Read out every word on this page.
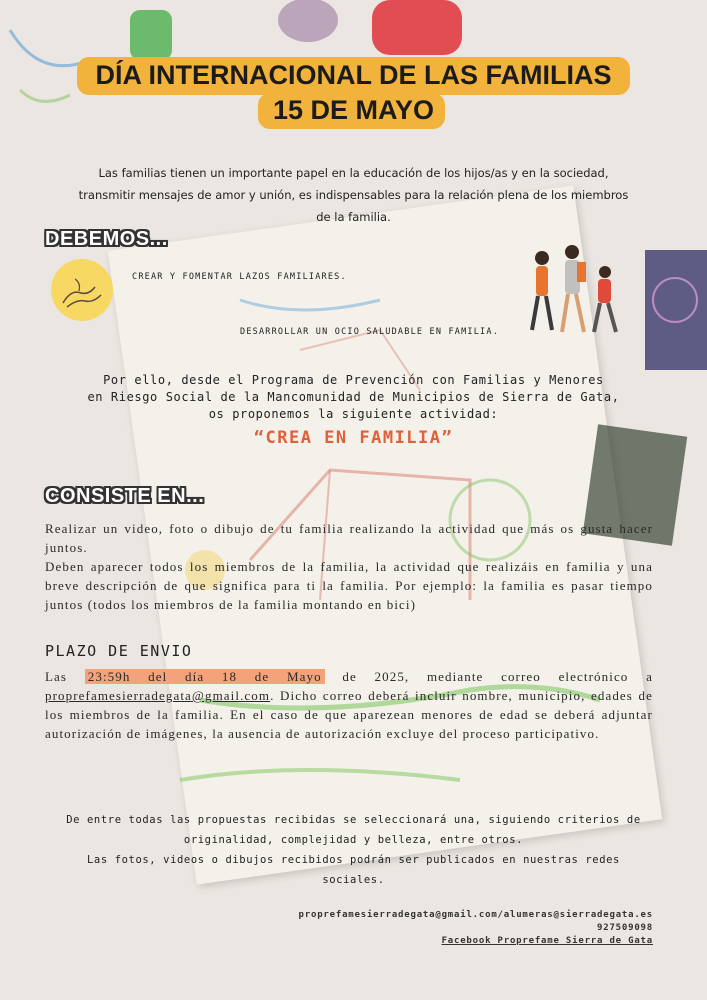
DÍA INTERNACIONAL DE LAS FAMILIAS
15 DE MAYO
Las familias tienen un importante papel en la educación de los hijos/as y en la sociedad,
transmitir mensajes de amor y unión, es indispensables para la relación plena de los miembros
de la familia.
DEBEMOS...
CREAR Y FOMENTAR LAZOS FAMILIARES.
DESARROLLAR UN OCIO SALUDABLE EN FAMILIA.
Por ello, desde el Programa de Prevención con Familias y Menores
en Riesgo Social de la Mancomunidad de Municipios de Sierra de Gata,
os proponemos la siguiente actividad:
“CREA EN FAMILIA”
CONSISTE EN...
Realizar un video, foto o dibujo de tu familia realizando la actividad que más os gusta hacer juntos.
Deben aparecer todos los miembros de la familia, la actividad que realizáis en familia y una breve descripción de que significa para ti la familia. Por ejemplo: la familia es pasar tiempo juntos (todos los miembros de la familia montando en bici)
PLAZO DE ENVIO
Las 23:59h del día 18 de Mayo de 2025, mediante correo electrónico a proprefamesierradegata@gmail.com. Dicho correo deberá incluir nombre, municipio, edades de los miembros de la familia. En el caso de que aparezean menores de edad se deberá adjuntar autorización de imágenes, la ausencia de autorización excluye del proceso participativo.
De entre todas las propuestas recibidas se seleccionará una, siguiendo criterios de
originalidad, complejidad y belleza, entre otros.
Las fotos, videos o dibujos recibidos podrán ser publicados en nuestras redes
sociales.
proprefamesierradegata@gmail.com/alumeras@sierradegata.es
927509098
Facebook Proprefame Sierra de Gata
